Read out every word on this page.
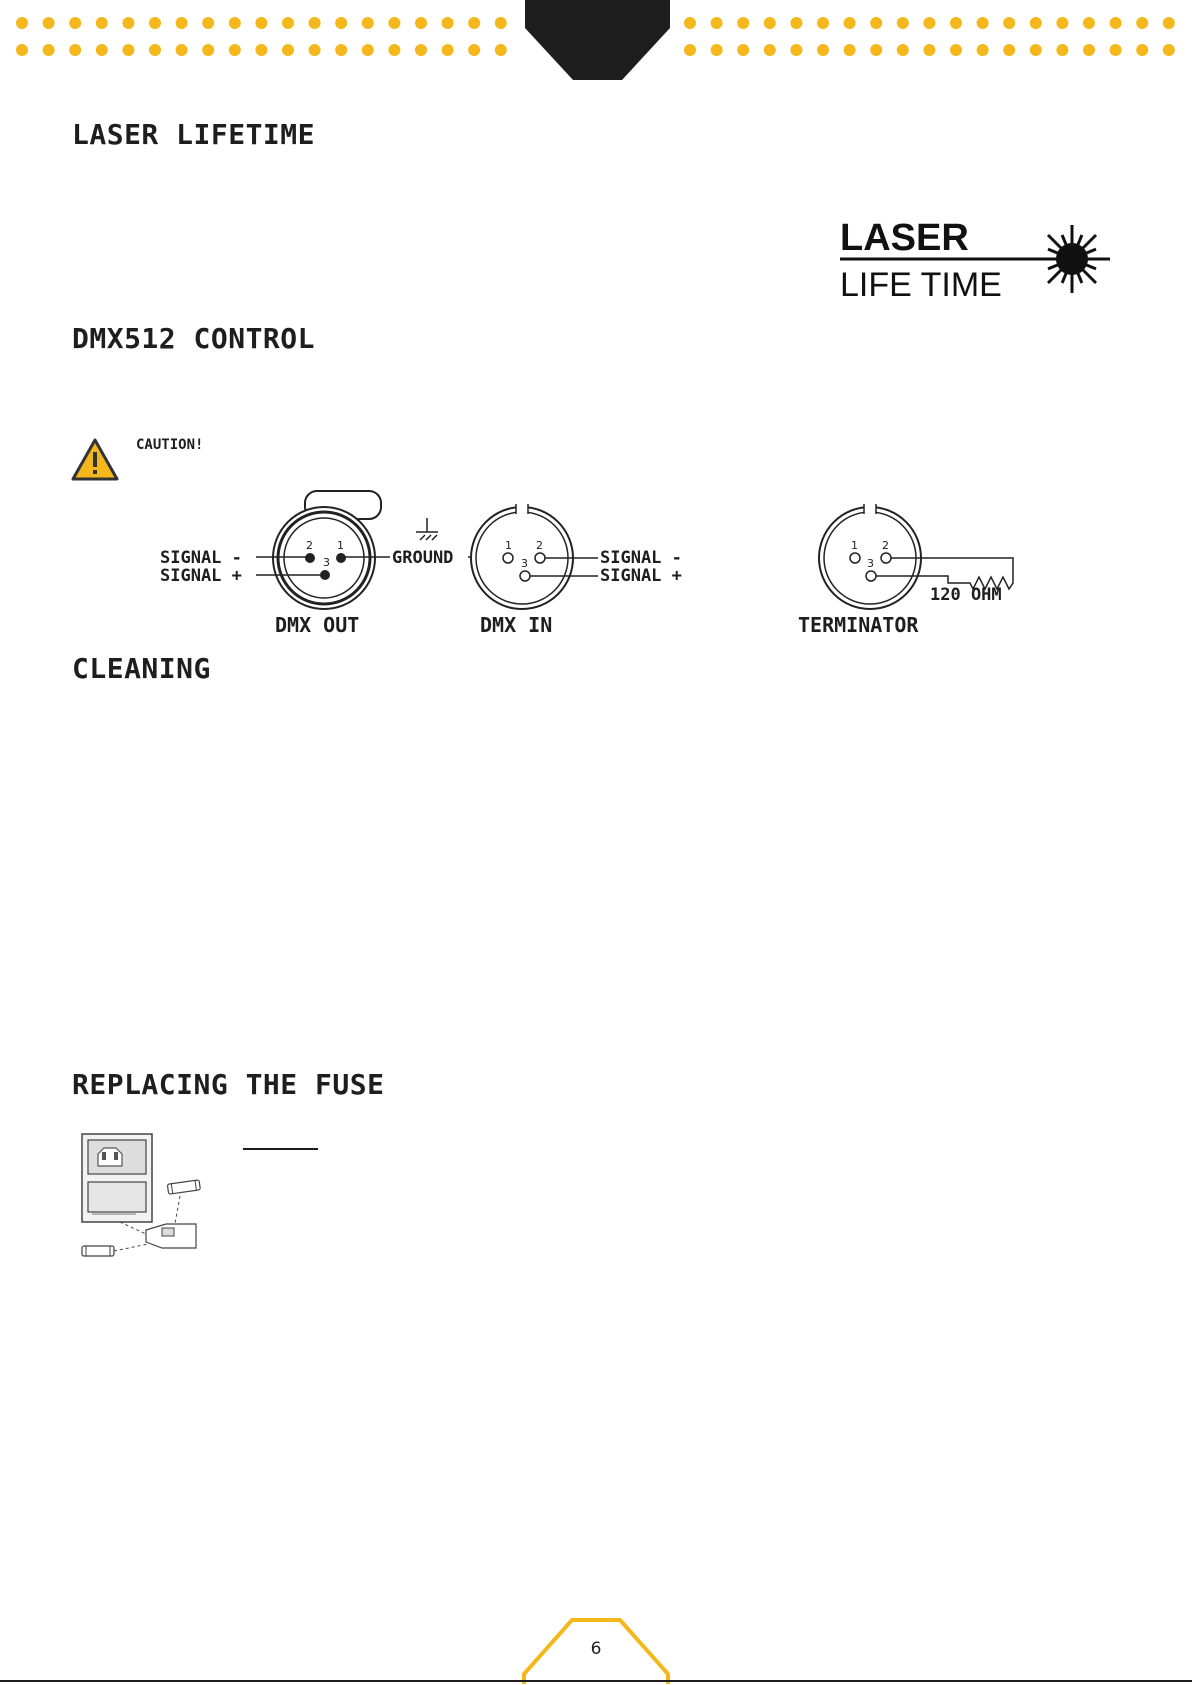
LASER LIFETIME
LASER
LIFE TIME
DMX512 CONTROL
CAUTION!
2 1
3
SIGNAL -
SIGNAL +
GROUND
1 2
3	SIGNAL -
SIGNAL +
DMX OUT	DMX IN
1 2
3
120 OHM
TERMINATOR
CLEANING
REPLACING THE FUSE
6
